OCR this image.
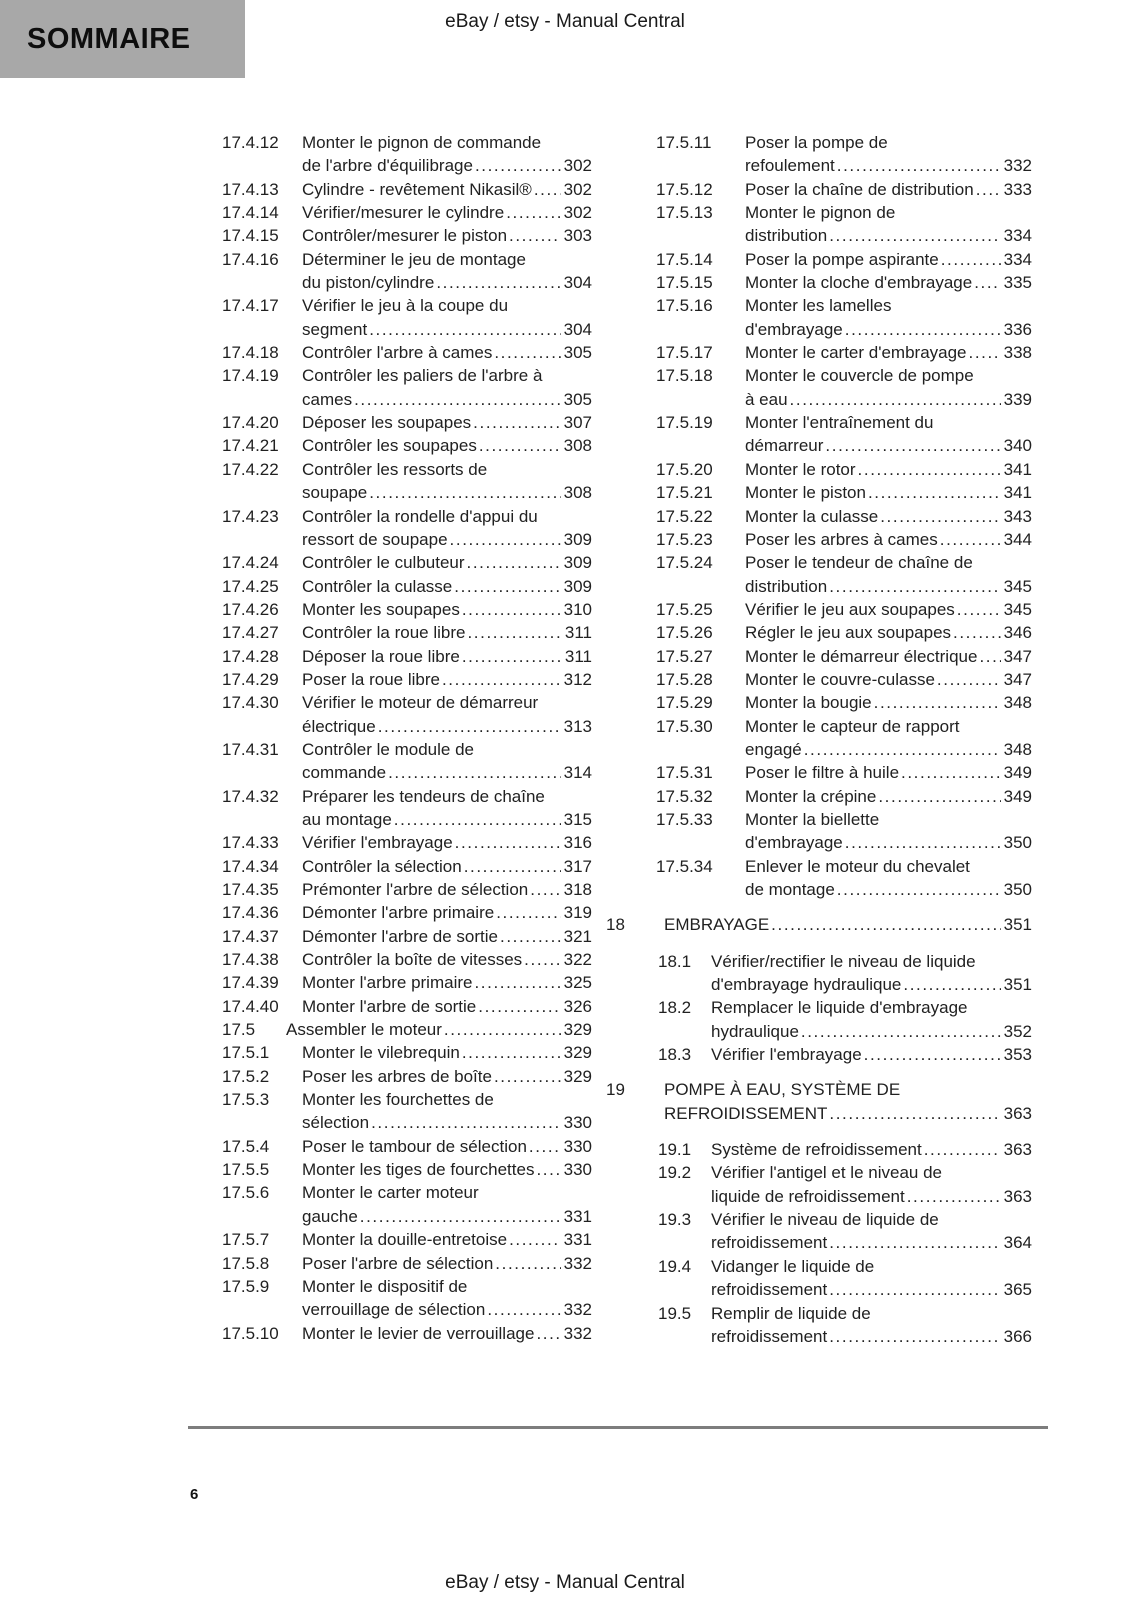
SOMMAIRE
eBay / etsy - Manual Central
17.4.12	Monter le pignon de commande
de l'arbre d'équilibrage .....	302
17.4.13	Cylindre - revêtement Nikasil® ..... 302
17.4.14	Vérifier/mesurer le cylindre .....	302
17.4.15	Contrôler/mesurer le piston .....	303
17.4.16	Déterminer le jeu de montage
du piston/cylindre .....	304
17.4.17	Vérifier le jeu à la coupe du
segment .....	304
17.4.18	Contrôler l'arbre à cames .....	305
17.4.19	Contrôler les paliers de l'arbre à
cames .....	305
17.4.20	Déposer les soupapes .....	307
17.4.21	Contrôler les soupapes .....	308
17.4.22	Contrôler les ressorts de
soupape .....	308
17.4.23	Contrôler la rondelle d'appui du
ressort de soupape .....	309
17.4.24	Contrôler le culbuteur .....	309
17.4.25	Contrôler la culasse .....	309
17.4.26	Monter les soupapes .....	310
17.4.27	Contrôler la roue libre .....	311
17.4.28	Déposer la roue libre .....	311
17.4.29	Poser la roue libre .....	312
17.4.30	Vérifier le moteur de démarreur
électrique .....	313
17.4.31	Contrôler le module de
commande .....	314
17.4.32	Préparer les tendeurs de chaîne
au montage .....	315
17.4.33	Vérifier l'embrayage .....	316
17.4.34	Contrôler la sélection .....	317
17.4.35	Prémonter l'arbre de sélection ..... 318
17.4.36	Démonter l'arbre primaire .....	319
17.4.37	Démonter l'arbre de sortie .....	321
17.4.38	Contrôler la boîte de vitesses ..... 322
17.4.39	Monter l'arbre primaire .....	325
17.4.40	Monter l'arbre de sortie .....	326
17.5	Assembler le moteur .....	329
17.5.1	Monter le vilebrequin .....	329
17.5.2	Poser les arbres de boîte .....	329
17.5.3	Monter les fourchettes de
sélection .....	330
17.5.4	Poser le tambour de sélection ..... 330
17.5.5	Monter les tiges de fourchettes ..... 330
17.5.6	Monter le carter moteur
gauche .....	331
17.5.7	Monter la douille-entretoise .....	331
17.5.8	Poser l'arbre de sélection .....	332
17.5.9	Monter le dispositif de
verrouillage de sélection .....	332
17.5.10	Monter le levier de verrouillage ..... 332
17.5.11	Poser la pompe de
refoulement .....	332
17.5.12	Poser la chaîne de distribution ..... 333
17.5.13	Monter le pignon de
distribution .....	334
17.5.14	Poser la pompe aspirante .....	334
17.5.15	Monter la cloche d'embrayage ..... 335
17.5.16	Monter les lamelles
d'embrayage .....	336
17.5.17	Monter le carter d'embrayage ..... 338
17.5.18	Monter le couvercle de pompe
à eau .....	339
17.5.19	Monter l'entraînement du
démarreur .....	340
17.5.20	Monter le rotor .....	341
17.5.21	Monter le piston .....	341
17.5.22	Monter la culasse .....	343
17.5.23	Poser les arbres à cames .....	344
17.5.24	Poser le tendeur de chaîne de
distribution .....	345
17.5.25	Vérifier le jeu aux soupapes .....	345
17.5.26	Régler le jeu aux soupapes .....	346
17.5.27	Monter le démarreur électrique ..... 347
17.5.28	Monter le couvre-culasse .....	347
17.5.29	Monter la bougie .....	348
17.5.30	Monter le capteur de rapport
engagé .....	348
17.5.31	Poser le filtre à huile .....	349
17.5.32	Monter la crépine .....	349
17.5.33	Monter la biellette
d'embrayage .....	350
17.5.34	Enlever le moteur du chevalet
de montage .....	350
18	EMBRAYAGE .....	351
18.1	Vérifier/rectifier le niveau de liquide
d'embrayage hydraulique .....	351
18.2	Remplacer le liquide d'embrayage
hydraulique .....	352
18.3	Vérifier l'embrayage .....	353
19	POMPE À EAU, SYSTÈME DE
REFROIDISSEMENT .....	363
19.1	Système de refroidissement .....	363
19.2	Vérifier l'antigel et le niveau de
liquide de refroidissement .....	363
19.3	Vérifier le niveau de liquide de
refroidissement .....	364
19.4	Vidanger le liquide de
refroidissement .....	365
19.5	Remplir de liquide de
refroidissement .....	366
6
eBay / etsy - Manual Central
